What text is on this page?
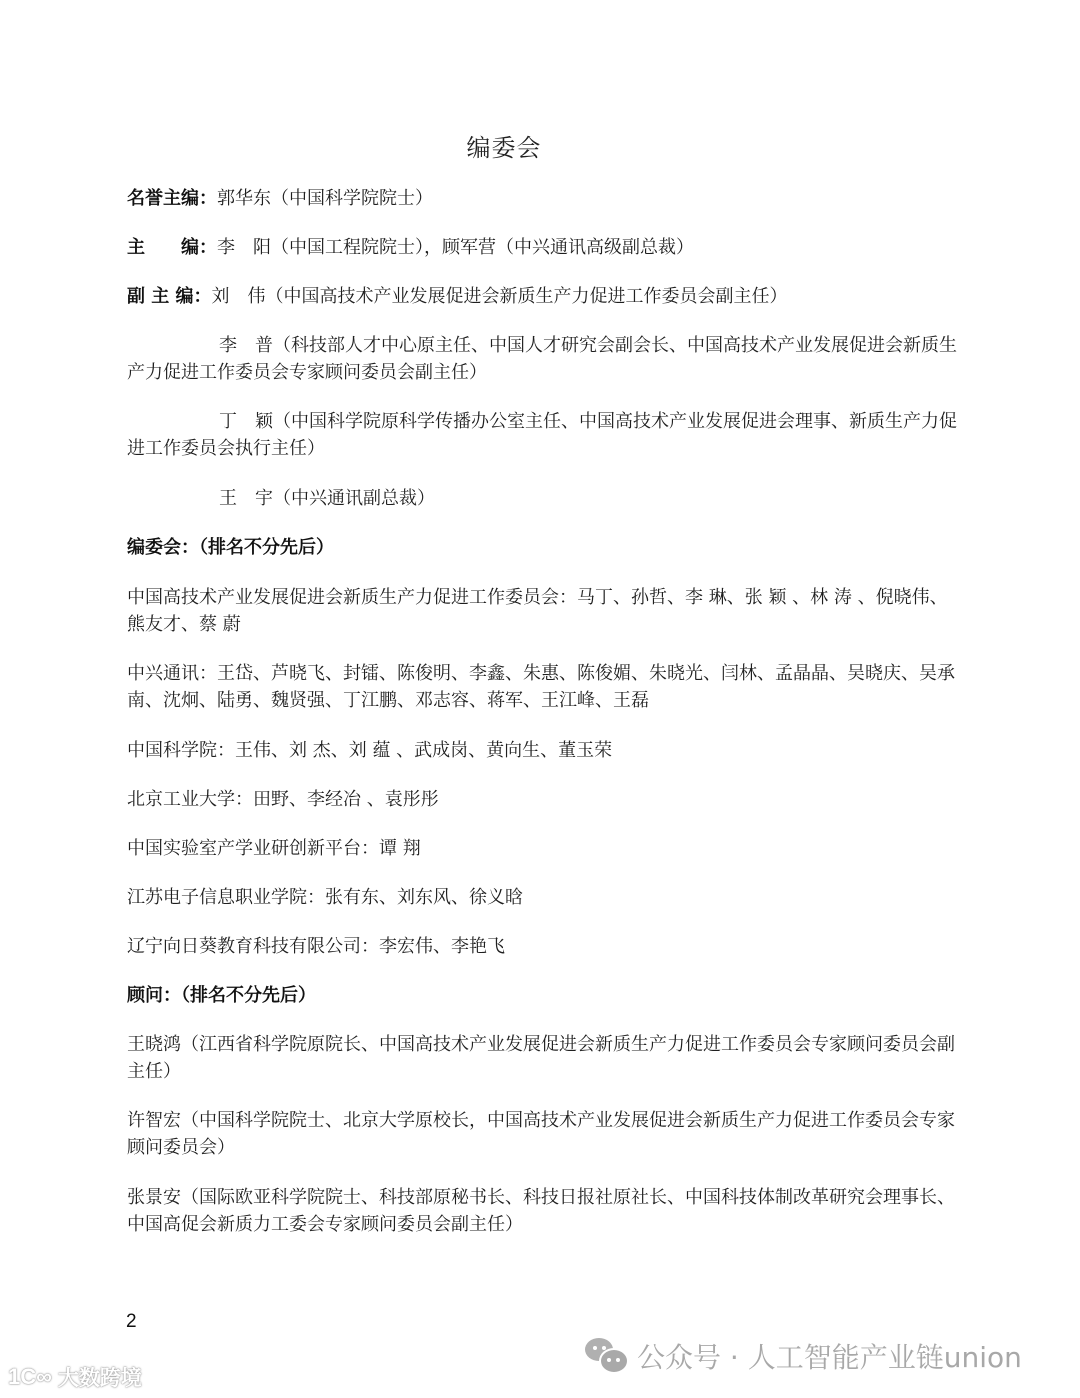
编委会
名誉主编：郭华东（中国科学院院士）
主　　编：李　阳（中国工程院院士），顾军营（中兴通讯高级副总裁）
副 主 编：刘　伟（中国高技术产业发展促进会新质生产力促进工作委员会副主任）
李　普（科技部人才中心原主任、中国人才研究会副会长、中国高技术产业发展促进会新质生产力促进工作委员会专家顾问委员会副主任）
丁　颖（中国科学院原科学传播办公室主任、中国高技术产业发展促进会理事、新质生产力促进工作委员会执行主任）
王　宇（中兴通讯副总裁）
编委会：（排名不分先后）
中国高技术产业发展促进会新质生产力促进工作委员会：马丁、孙哲、李 琳、张 颖 、林 涛 、倪晓伟、熊友才、蔡 蔚
中兴通讯：王岱、芦晓飞、封镭、陈俊明、李鑫、朱惠、陈俊媚、朱晓光、闫林、孟晶晶、吴晓庆、吴承南、沈炯、陆勇、魏贤强、丁江鹏、邓志容、蒋军、王江峰、王磊
中国科学院：王伟、刘 杰、刘 蕴 、武成岗、黄向生、董玉荣
北京工业大学：田野、李经冶 、袁彤彤
中国实验室产学业研创新平台：谭 翔
江苏电子信息职业学院：张有东、刘东风、徐义晗
辽宁向日葵教育科技有限公司：李宏伟、李艳飞
顾问：（排名不分先后）
王晓鸿（江西省科学院原院长、中国高技术产业发展促进会新质生产力促进工作委员会专家顾问委员会副主任）
许智宏（中国科学院院士、北京大学原校长，中国高技术产业发展促进会新质生产力促进工作委员会专家顾问委员会）
张景安（国际欧亚科学院院士、科技部原秘书长、科技日报社原社长、中国科技体制改革研究会理事长、中国高促会新质力工委会专家顾问委员会副主任）
2
1C∞ 大数跨境
公众号 · 人工智能产业链union
